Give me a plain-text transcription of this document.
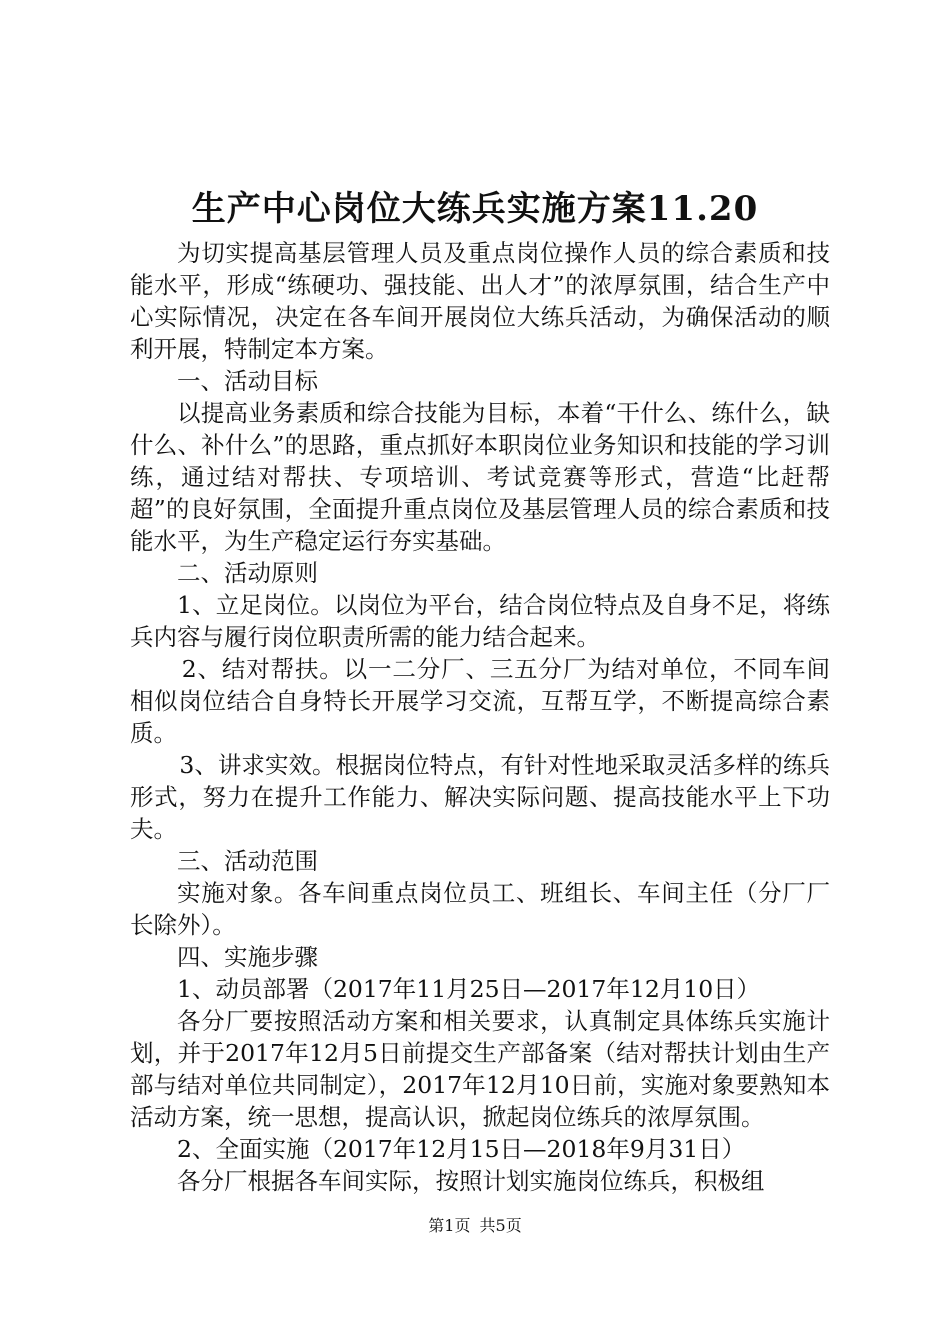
生产中心岗位大练兵实施方案11.20

为切实提高基层管理人员及重点岗位操作人员的综合素质和技能水平，形成“练硬功、强技能、出人才”的浓厚氛围，结合生产中心实际情况，决定在各车间开展岗位大练兵活动，为确保活动的顺利开展，特制定本方案。

一、活动目标

以提高业务素质和综合技能为目标，本着“干什么、练什么，缺什么、补什么”的思路，重点抓好本职岗位业务知识和技能的学习训练，通过结对帮扶、专项培训、考试竞赛等形式，营造“比赶帮超”的良好氛围，全面提升重点岗位及基层管理人员的综合素质和技能水平，为生产稳定运行夯实基础。

二、活动原则

1、立足岗位。以岗位为平台，结合岗位特点及自身不足，将练兵内容与履行岗位职责所需的能力结合起来。

2、结对帮扶。以一二分厂、三五分厂为结对单位，不同车间相似岗位结合自身特长开展学习交流，互帮互学，不断提高综合素质。

3、讲求实效。根据岗位特点，有针对性地采取灵活多样的练兵形式，努力在提升工作能力、解决实际问题、提高技能水平上下功夫。

三、活动范围

实施对象。各车间重点岗位员工、班组长、车间主任（分厂厂长除外）。

四、实施步骤

1、动员部署（2017年11月25日—2017年12月10日）

各分厂要按照活动方案和相关要求，认真制定具体练兵实施计划，并于2017年12月5日前提交生产部备案（结对帮扶计划由生产部与结对单位共同制定），2017年12月10日前，实施对象要熟知本活动方案，统一思想，提高认识，掀起岗位练兵的浓厚氛围。

2、全面实施（2017年12月15日—2018年9月31日）

各分厂根据各车间实际，按照计划实施岗位练兵，积极组

第1页 共5页
